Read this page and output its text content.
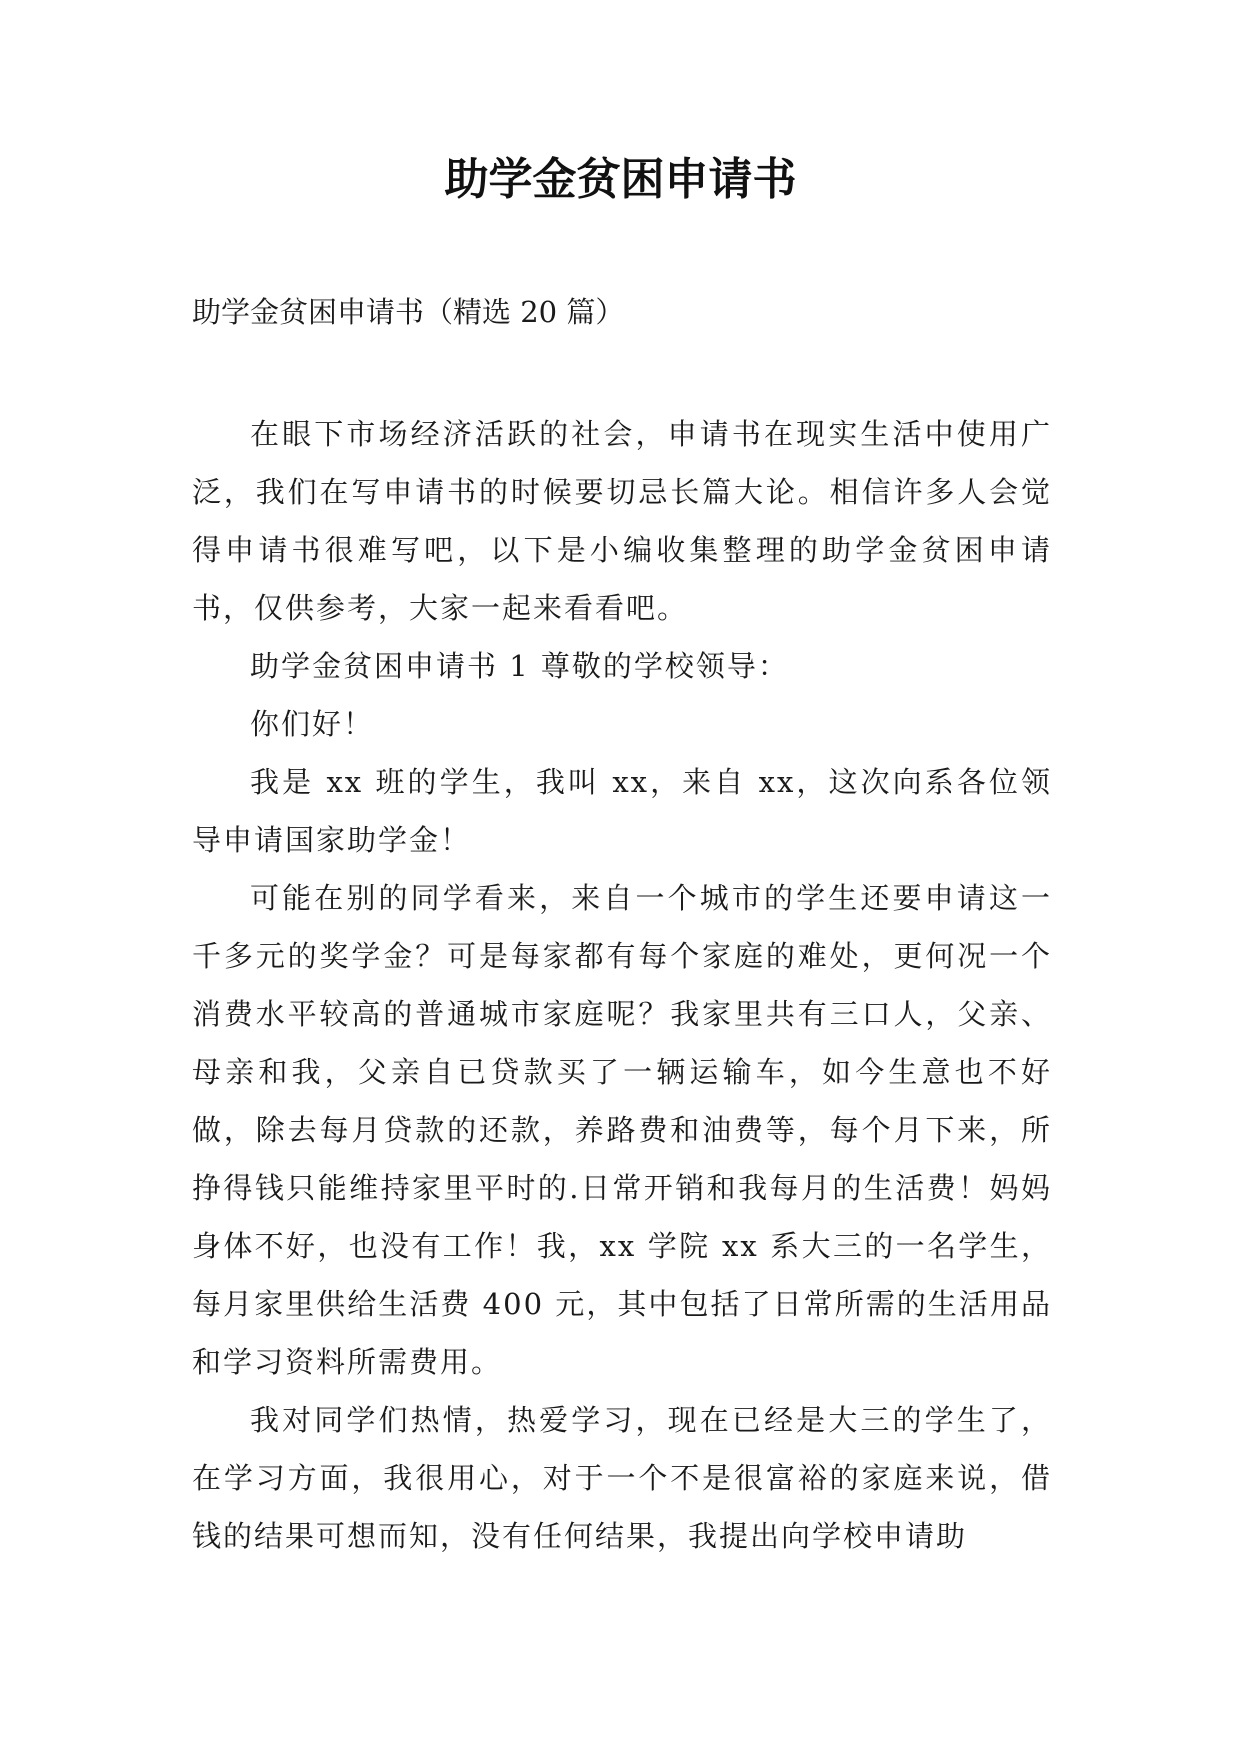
助学金贫困申请书
助学金贫困申请书（精选 20 篇）

在眼下市场经济活跃的社会，申请书在现实生活中使用广泛，我们在写申请书的时候要切忌长篇大论。相信许多人会觉得申请书很难写吧，以下是小编收集整理的助学金贫困申请书，仅供参考，大家一起来看看吧。

助学金贫困申请书 1 尊敬的学校领导：

你们好！

我是 xx 班的学生，我叫 xx，来自 xx，这次向系各位领导申请国家助学金！

可能在别的同学看来，来自一个城市的学生还要申请这一千多元的奖学金？可是每家都有每个家庭的难处，更何况一个消费水平较高的普通城市家庭呢？我家里共有三口人，父亲、母亲和我，父亲自已贷款买了一辆运输车，如今生意也不好做，除去每月贷款的还款，养路费和油费等，每个月下来，所挣得钱只能维持家里平时的.日常开销和我每月的生活费！妈妈身体不好，也没有工作！我，xx 学院 xx 系大三的一名学生，每月家里供给生活费 400 元，其中包括了日常所需的生活用品和学习资料所需费用。

我对同学们热情，热爱学习，现在已经是大三的学生了，在学习方面，我很用心，对于一个不是很富裕的家庭来说，借钱的结果可想而知，没有任何结果，我提出向学校申请助
